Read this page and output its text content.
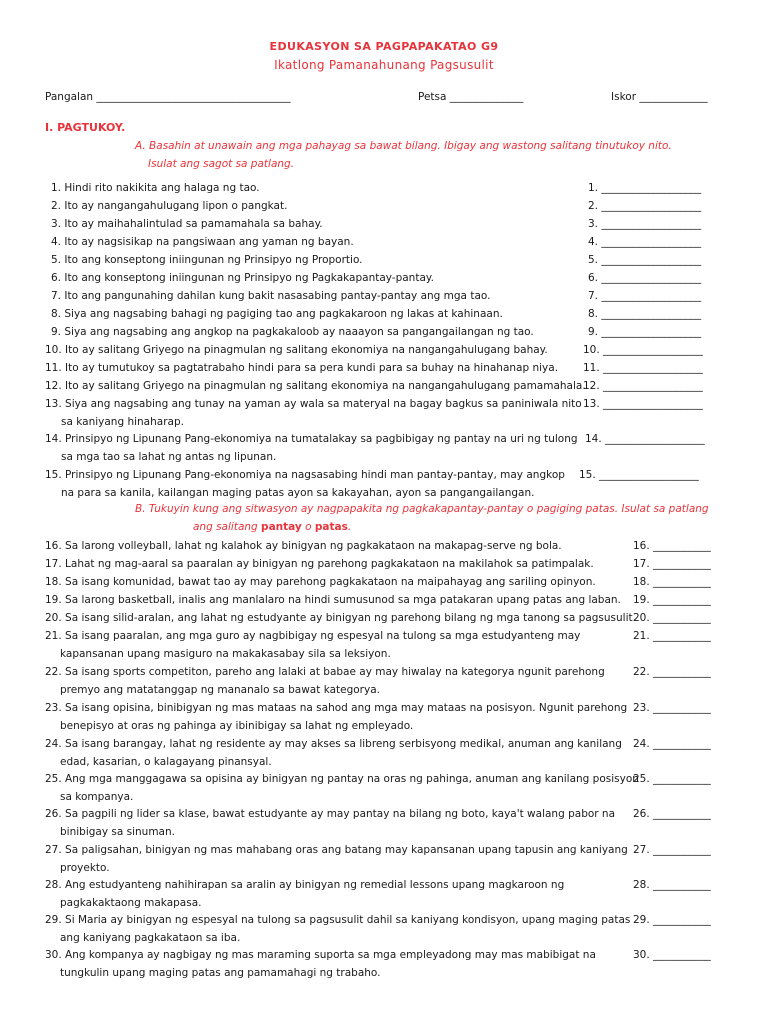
EDUKASYON SA PAGPAPAKATAO G9
Ikatlong Pamanahunang Pagsusulit
Pangalan _____________________________________	Petsa ______________	Iskor _____________
I. PAGTUKOY.
A. Basahin at unawain ang mga pahayag sa bawat bilang. Ibigay ang wastong salitang tinutukoy nito.
Isulat ang sagot sa patlang.
1. Hindi rito nakikita ang halaga ng tao.	1. ___________________
2. Ito ay nangangahulugang lipon o pangkat.	2. ___________________
3. Ito ay maihahalintulad sa pamamahala sa bahay.	3. ___________________
4. Ito ay nagsisikap na pangsiwaan ang yaman ng bayan.	4. ___________________
5. Ito ang konseptong iniingunan ng Prinsipyo ng Proportio.	5. ___________________
6. Ito ang konseptong iniingunan ng Prinsipyo ng Pagkakapantay-pantay.	6. ___________________
7. Ito ang pangunahing dahilan kung bakit nasasabing pantay-pantay ang mga tao.	7. ___________________
8. Siya ang nagsabing bahagi ng pagiging tao ang pagkakaroon ng lakas at kahinaan.	8. ___________________
9. Siya ang nagsabing ang angkop na pagkakaloob ay naaayon sa pangangailangan ng tao.	9. ___________________
10. Ito ay salitang Griyego na pinagmulan ng salitang ekonomiya na nangangahulugang bahay.	10. ___________________
11. Ito ay tumutukoy sa pagtatrabaho hindi para sa pera kundi para sa buhay na hinahanap niya. 11. ___________________
12. Ito ay salitang Griyego na pinagmulan ng salitang ekonomiya na nangangahulugang pamamahala.
12. ___________________
13. Siya ang nagsabing ang tunay na yaman ay wala sa materyal na bagay bagkus sa paniniwala nito
sa kaniyang hinaharap.
13. ___________________
14. Prinsipyo ng Lipunang Pang-ekonomiya na tumatalakay sa pagbibigay ng pantay na uri ng tulong
sa mga tao sa lahat ng antas ng lipunan.
14. ___________________
15. Prinsipyo ng Lipunang Pang-ekonomiya na nagsasabing hindi man pantay-pantay, may angkop
na para sa kanila, kailangan maging patas ayon sa kakayahan, ayon sa pangangailangan.
15. ___________________
16. Sa larong volleyball, lahat ng kalahok ay binigyan ng pagkakataon na makapag-serve ng bola.	16. ___________
17. Lahat ng mag-aaral sa paaralan ay binigyan ng parehong pagkakataon na makilahok sa patimpalak.	17. ___________
18. Sa isang komunidad, bawat tao ay may parehong pagkakataon na maipahayag ang sariling opinyon.	18. ___________
19. Sa larong basketball, inalis ang manlalaro na hindi sumusunod sa mga patakaran upang patas ang laban. 19. ___________
20. Sa isang silid-aralan, ang lahat ng estudyante ay binigyan ng parehong bilang ng mga tanong sa pagsusulit.
20. ___________
21. Sa isang paaralan, ang mga guro ay nagbibigay ng espesyal na tulong sa mga estudyanteng may
kapansanan upang masiguro na makakasabay sila sa leksiyon.
21. ___________
22. Sa isang sports competiton, pareho ang lalaki at babae ay may hiwalay na kategorya ngunit parehong
premyo ang matatanggap ng mananalo sa bawat kategorya.
22. ___________
23. Sa isang opisina, binibigyan ng mas mataas na sahod ang mga may mataas na posisyon. Ngunit parehong
benepisyo at oras ng pahinga ay ibinibigay sa lahat ng empleyado.
23. ___________
24. Sa isang barangay, lahat ng residente ay may akses sa libreng serbisyong medikal, anuman ang kanilang
edad, kasarian, o kalagayang pinansyal.
24. ___________
25. Ang mga manggagawa sa opisina ay binigyan ng pantay na oras ng pahinga, anuman ang kanilang posisyon
sa kompanya.
25. ___________
26. Sa pagpili ng lider sa klase, bawat estudyante ay may pantay na bilang ng boto, kaya't walang pabor na
binibigay sa sinuman.
26. ___________
27. Sa paligsahan, binigyan ng mas mahabang oras ang batang may kapansanan upang tapusin ang kaniyang
proyekto.
27. ___________
28. Ang estudyanteng nahihirapan sa aralin ay binigyan ng remedial lessons upang magkaroon ng
pagkakaktaong makapasa.
28. ___________
29. Si Maria ay binigyan ng espesyal na tulong sa pagsusulit dahil sa kaniyang kondisyon, upang maging patas
ang kaniyang pagkakataon sa iba.
29. ___________
30. Ang kompanya ay nagbigay ng mas maraming suporta sa mga empleyadong may mas mabibigat na
tungkulin upang maging patas ang pamamahagi ng trabaho.
30. ___________
B. Tukuyin kung ang sitwasyon ay nagpapakita ng pagkakapantay-pantay o pagiging patas. Isulat sa patlang
ang salitang pantay o patas.
